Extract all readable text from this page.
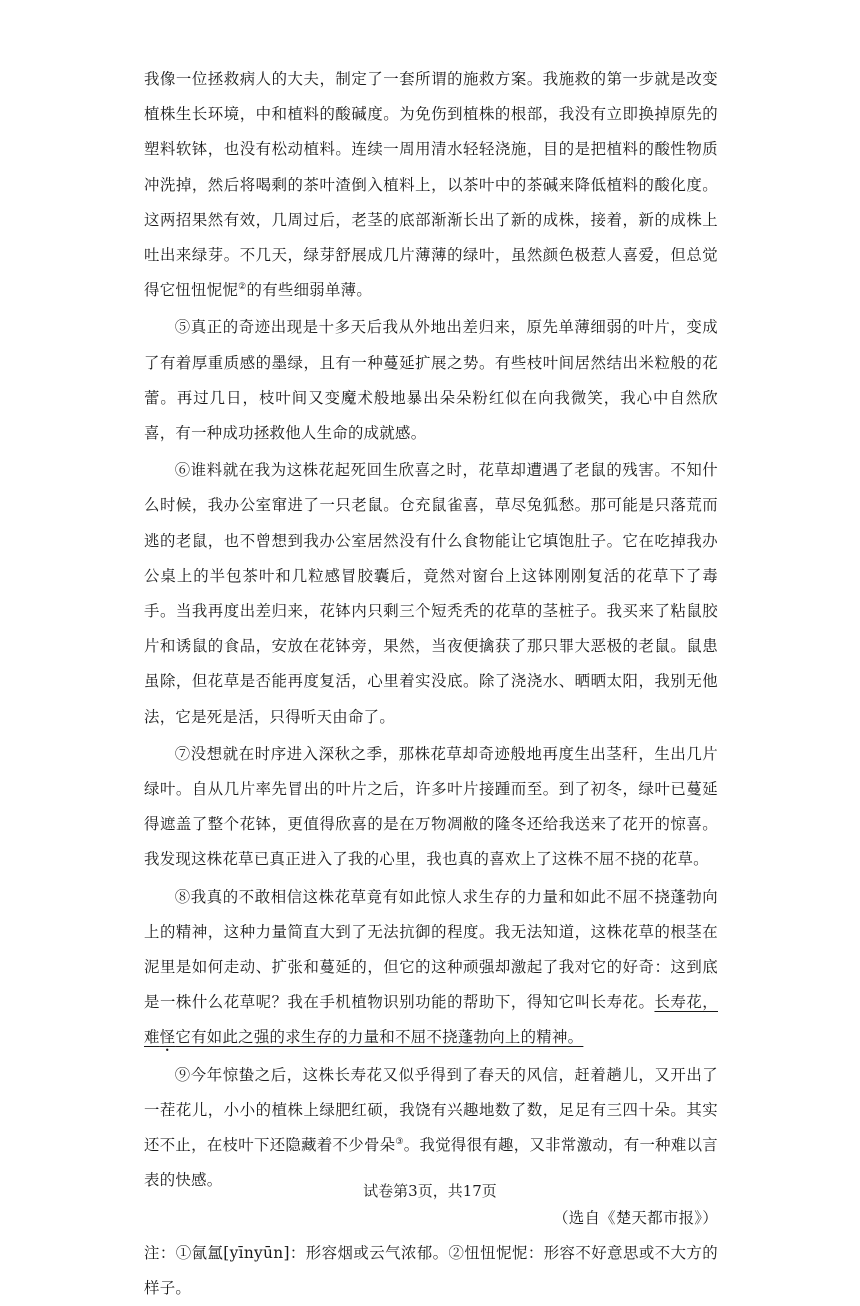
我像一位拯救病人的大夫，制定了一套所谓的施救方案。我施救的第一步就是改变植株生长环境，中和植料的酸碱度。为免伤到植株的根部，我没有立即换掉原先的塑料软钵，也没有松动植料。连续一周用清水轻轻浇施，目的是把植料的酸性物质冲洗掉，然后将喝剩的茶叶渣倒入植料上，以茶叶中的茶碱来降低植料的酸化度。这两招果然有效，几周过后，老茎的底部渐渐长出了新的成株，接着，新的成株上吐出来绿芽。不几天，绿芽舒展成几片薄薄的绿叶，虽然颜色极惹人喜爱，但总觉得它忸忸怩怩②的有些细弱单薄。

⑤真正的奇迹出现是十多天后我从外地出差归来，原先单薄细弱的叶片，变成了有着厚重质感的墨绿，且有一种蔓延扩展之势。有些枝叶间居然结出米粒般的花蕾。再过几日，枝叶间又变魔术般地暴出朵朵粉红似在向我微笑，我心中自然欣喜，有一种成功拯救他人生命的成就感。

⑥谁料就在我为这株花起死回生欣喜之时，花草却遭遇了老鼠的残害。不知什么时候，我办公室窜进了一只老鼠。仓充鼠雀喜，草尽兔狐愁。那可能是只落荒而逃的老鼠，也不曾想到我办公室居然没有什么食物能让它填饱肚子。它在吃掉我办公桌上的半包茶叶和几粒感冒胶囊后，竟然对窗台上这钵刚刚复活的花草下了毒手。当我再度出差归来，花钵内只剩三个短秃秃的花草的茎桩子。我买来了粘鼠胶片和诱鼠的食品，安放在花钵旁，果然，当夜便擒获了那只罪大恶极的老鼠。鼠患虽除，但花草是否能再度复活，心里着实没底。除了浇浇水、晒晒太阳，我别无他法，它是死是活，只得听天由命了。

⑦没想就在时序进入深秋之季，那株花草却奇迹般地再度生出茎秆，生出几片绿叶。自从几片率先冒出的叶片之后，许多叶片接踵而至。到了初冬，绿叶已蔓延得遮盖了整个花钵，更值得欣喜的是在万物凋敝的隆冬还给我送来了花开的惊喜。我发现这株花草已真正进入了我的心里，我也真的喜欢上了这株不屈不挠的花草。

⑧我真的不敢相信这株花草竟有如此惊人求生存的力量和如此不屈不挠蓬勃向上的精神，这种力量简直大到了无法抗御的程度。我无法知道，这株花草的根茎在泥里是如何走动、扩张和蔓延的，但它的这种顽强却激起了我对它的好奇：这到底是一株什么花草呢？我在手机植物识别功能的帮助下，得知它叫长寿花。长寿花，难怪它有如此之强的求生存的力量和不屈不挠蓬勃向上的精神。

⑨今年惊蛰之后，这株长寿花又似乎得到了春天的风信，赶着趟儿，又开出了一茬花儿，小小的植株上绿肥红硕，我饶有兴趣地数了数，足足有三四十朵。其实还不止，在枝叶下还隐藏着不少骨朵③。我觉得很有趣，又非常激动，有一种难以言表的快感。

（选自《楚天都市报》）

注：①氤氲[yīnyūn]：形容烟或云气浓郁。②忸忸怩怩：形容不好意思或不大方的样子。

试卷第3页，共17页
